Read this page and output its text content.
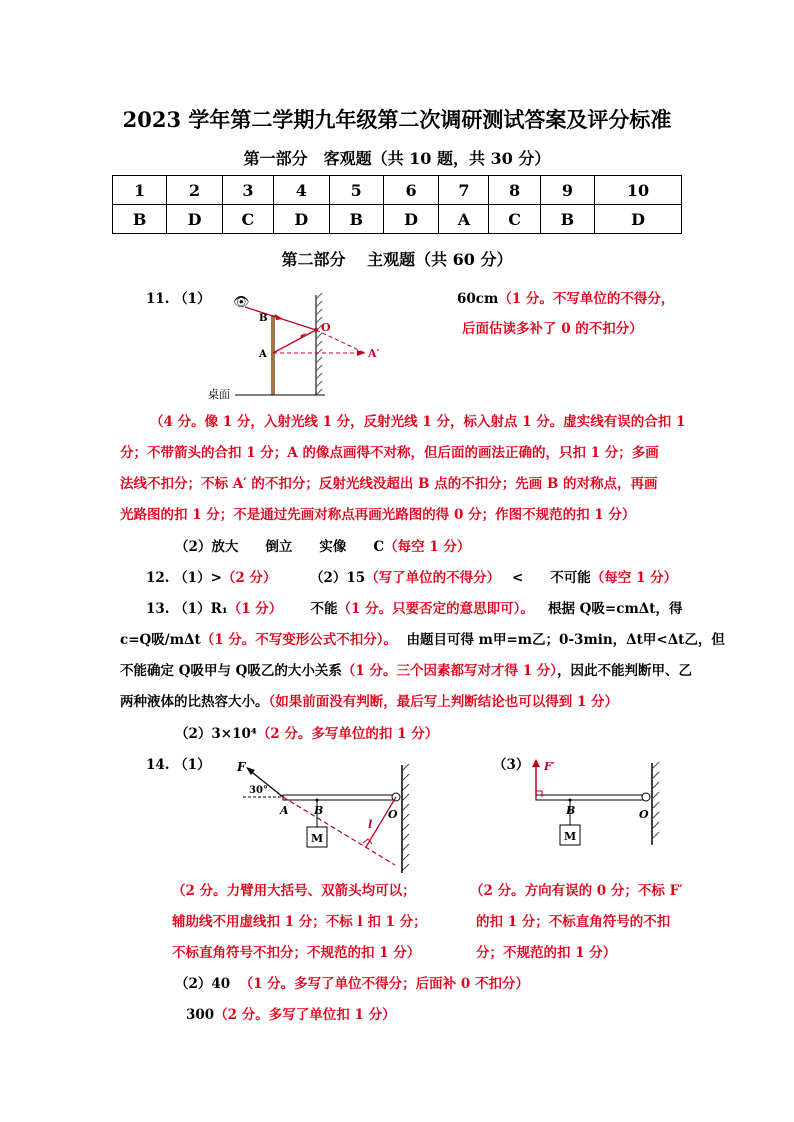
2023 学年第二学期九年级第二次调研测试答案及评分标准
第一部分　客观题（共 10 题，共 30 分）
1	2	3	4	5	6	7	8	9	10
B	D	C	D	B	D	A	C	B	D
第二部分　 主观题（共 60 分）
11. （1） 👁
B
O
A	A′
桌面
60cm（1 分。不写单位的不得分，
后面估读多补了 0 的不扣分）
（4 分。像 1 分，入射光线 1 分，反射光线 1 分，标入射点 1 分。虚实线有误的合扣 1
分；不带箭头的合扣 1 分；A 的像点画得不对称，但后面的画法正确的，只扣 1 分；多画
法线不扣分；不标 A′ 的不扣分；反射光线没超出 B 点的不扣分；先画 B 的对称点，再画
光路图的扣 1 分；不是通过先画对称点再画光路图的得 0 分；作图不规范的扣 1 分）
（2）放大　　倒立　　实像　　C（每空 1 分）
12. （1）>（2 分） （2）15（写了单位的不得分） <　　不可能（每空 1 分）
13. （1）R₁（1 分） 不能（1 分。只要否定的意思即可）。 根据 Q吸=cmΔt，得
c=Q吸/mΔt（1 分。不写变形公式不扣分）。 由题目可得 m甲=m乙；0-3min，Δt甲<Δt乙，但
不能确定 Q吸甲与 Q吸乙的大小关系（1 分。三个因素都写对才得 1 分），因此不能判断甲、乙
两种液体的比热容大小。（如果前面没有判断，最后写上判断结论也可以得到 1 分）
（2）3×10⁴（2 分。多写单位的扣 1 分）
14. （1） F
30°
A B	O
l
M
（3） F′
B	O
M
（2 分。力臂用大括号、双箭头均可以；
辅助线不用虚线扣 1 分；不标 l 扣 1 分；
不标直角符号不扣分；不规范的扣 1 分）
（2 分。方向有误的 0 分；不标 F′
的扣 1 分；不标直角符号的不扣
分；不规范的扣 1 分）
（2）40 （1 分。多写了单位不得分；后面补 0 不扣分）
300（2 分。多写了单位扣 1 分）
